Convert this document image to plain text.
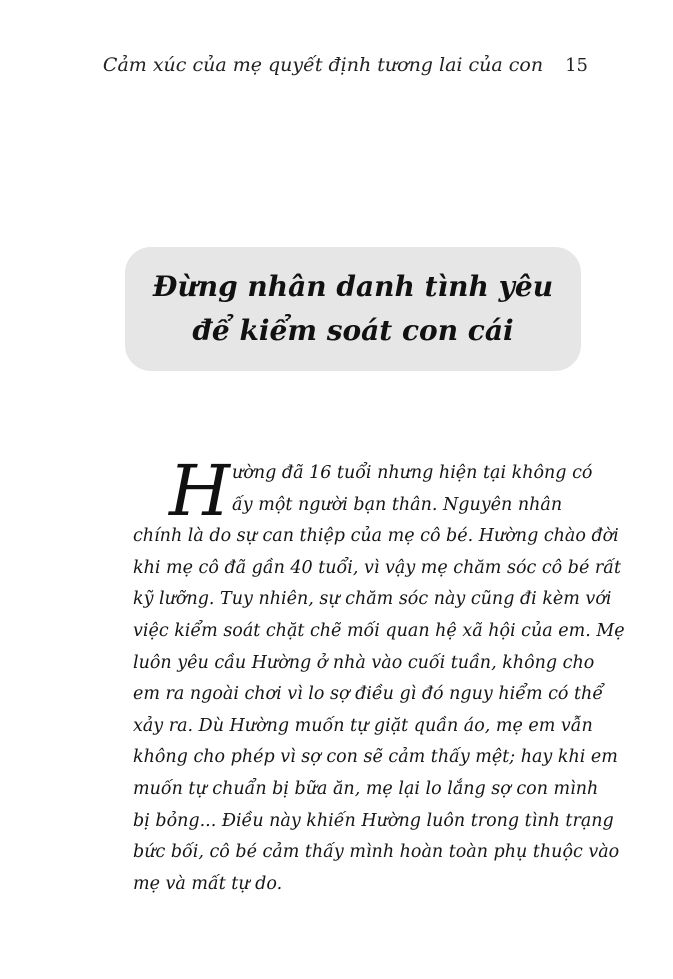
Cảm xúc của mẹ quyết định tương lai của con 15
Đừng nhân danh tình yêu
để kiểm soát con cái
H ường đã 16 tuổi nhưng hiện tại không có
ấy một người bạn thân. Nguyên nhân
chính là do sự can thiệp của mẹ cô bé. Hường chào đời
khi mẹ cô đã gần 40 tuổi, vì vậy mẹ chăm sóc cô bé rất
kỹ lưỡng. Tuy nhiên, sự chăm sóc này cũng đi kèm với
việc kiểm soát chặt chẽ mối quan hệ xã hội của em. Mẹ
luôn yêu cầu Hường ở nhà vào cuối tuần, không cho
em ra ngoài chơi vì lo sợ điều gì đó nguy hiểm có thể
xảy ra. Dù Hường muốn tự giặt quần áo, mẹ em vẫn
không cho phép vì sợ con sẽ cảm thấy mệt; hay khi em
muốn tự chuẩn bị bữa ăn, mẹ lại lo lắng sợ con mình
bị bỏng... Điều này khiến Hường luôn trong tình trạng
bức bối, cô bé cảm thấy mình hoàn toàn phụ thuộc vào
mẹ và mất tự do.
